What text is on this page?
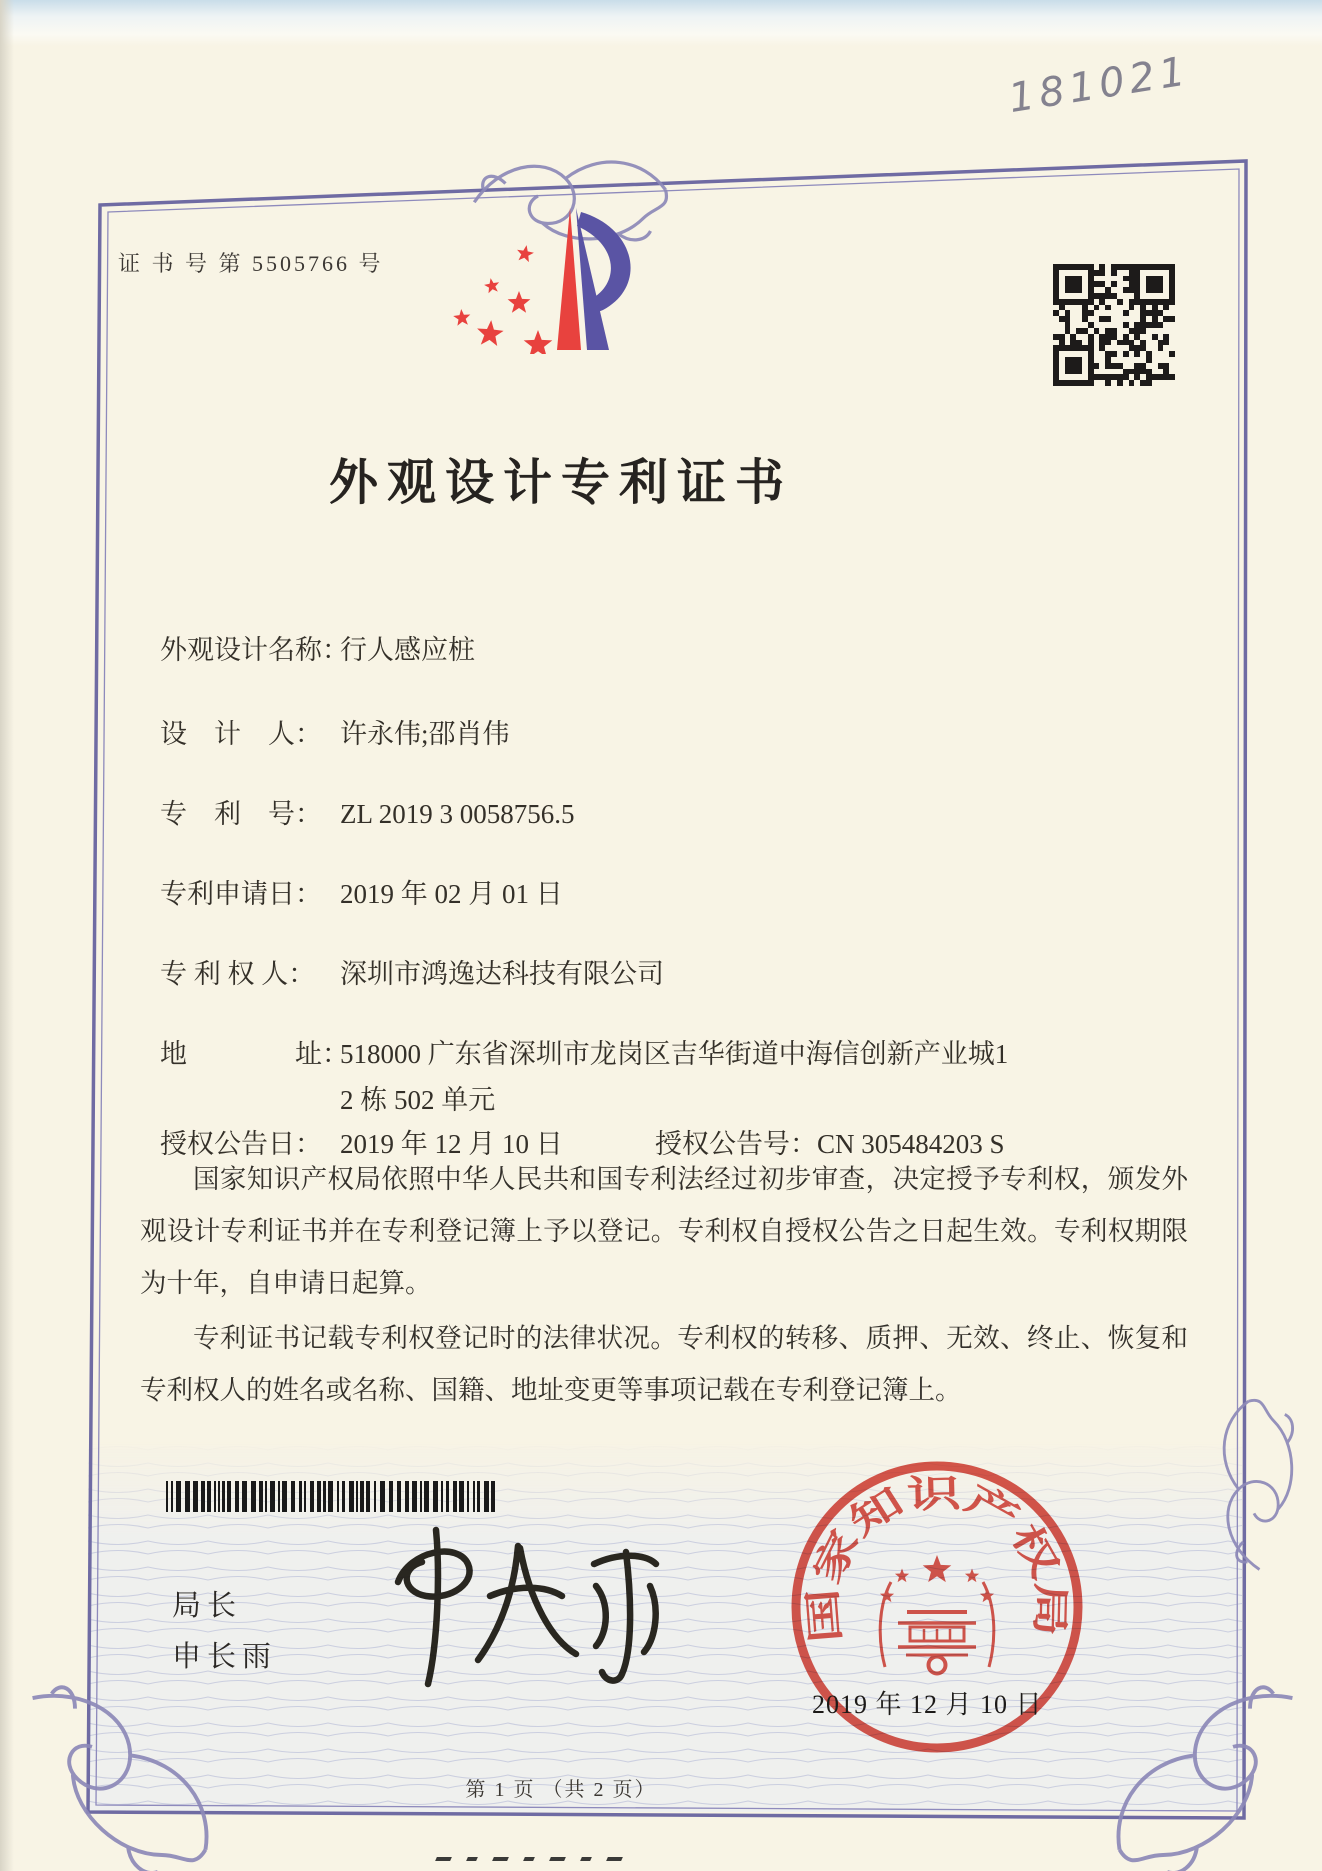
181021
证 书 号 第 5505766 号
外观设计专利证书
外观设计名称：行人感应桩
设　计　人： 许永伟;邵肖伟
专　利　号： ZL 2019 3 0058756.5
专利申请日： 2019 年 02 月 01 日
专 利 权 人： 深圳市鸿逸达科技有限公司
地　　　　址：518000 广东省深圳市龙岗区吉华街道中海信创新产业城1
2 栋 502 单元
授权公告日： 2019 年 12 月 10 日	授权公告号：CN 305484203 S

国家知识产权局依照中华人民共和国专利法经过初步审查，决定授予专利权，颁发外观设计专利证书并在专利登记簿上予以登记。专利权自授权公告之日起生效。专利权期限为十年，自申请日起算。

专利证书记载专利权登记时的法律状况。专利权的转移、质押、无效、终止、恢复和专利权人的姓名或名称、国籍、地址变更等事项记载在专利登记簿上。

局长
申长雨
国家知识产权局
2019 年 12 月 10 日
第 1 页 （共 2 页）
